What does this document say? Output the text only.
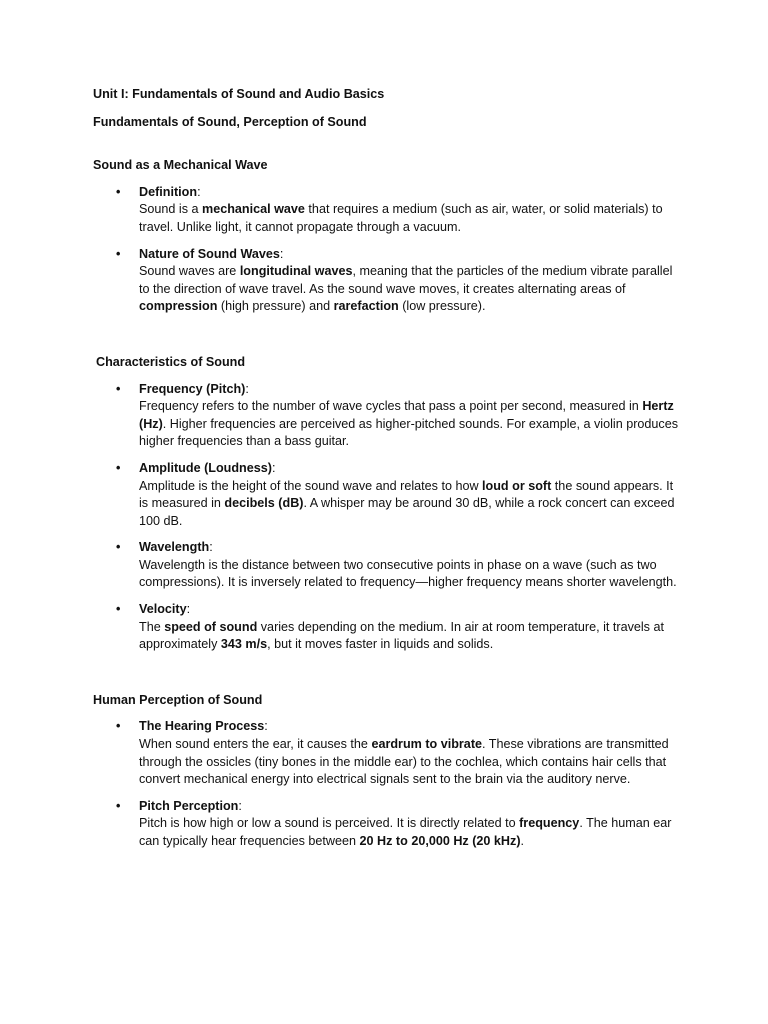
Unit I: Fundamentals of Sound and Audio Basics

Fundamentals of Sound, Perception of Sound

Sound as a Mechanical Wave

• Definition:
Sound is a mechanical wave that requires a medium (such as air, water, or solid materials) to travel. Unlike light, it cannot propagate through a vacuum.
• Nature of Sound Waves:
Sound waves are longitudinal waves, meaning that the particles of the medium vibrate parallel to the direction of wave travel. As the sound wave moves, it creates alternating areas of compression (high pressure) and rarefaction (low pressure).

Characteristics of Sound

• Frequency (Pitch):
Frequency refers to the number of wave cycles that pass a point per second, measured in Hertz (Hz). Higher frequencies are perceived as higher-pitched sounds. For example, a violin produces higher frequencies than a bass guitar.
• Amplitude (Loudness):
Amplitude is the height of the sound wave and relates to how loud or soft the sound appears. It is measured in decibels (dB). A whisper may be around 30 dB, while a rock concert can exceed 100 dB.
• Wavelength:
Wavelength is the distance between two consecutive points in phase on a wave (such as two compressions). It is inversely related to frequency—higher frequency means shorter wavelength.
• Velocity:
The speed of sound varies depending on the medium. In air at room temperature, it travels at approximately 343 m/s, but it moves faster in liquids and solids.

Human Perception of Sound

• The Hearing Process:
When sound enters the ear, it causes the eardrum to vibrate. These vibrations are transmitted through the ossicles (tiny bones in the middle ear) to the cochlea, which contains hair cells that convert mechanical energy into electrical signals sent to the brain via the auditory nerve.
• Pitch Perception:
Pitch is how high or low a sound is perceived. It is directly related to frequency. The human ear can typically hear frequencies between 20 Hz to 20,000 Hz (20 kHz).
